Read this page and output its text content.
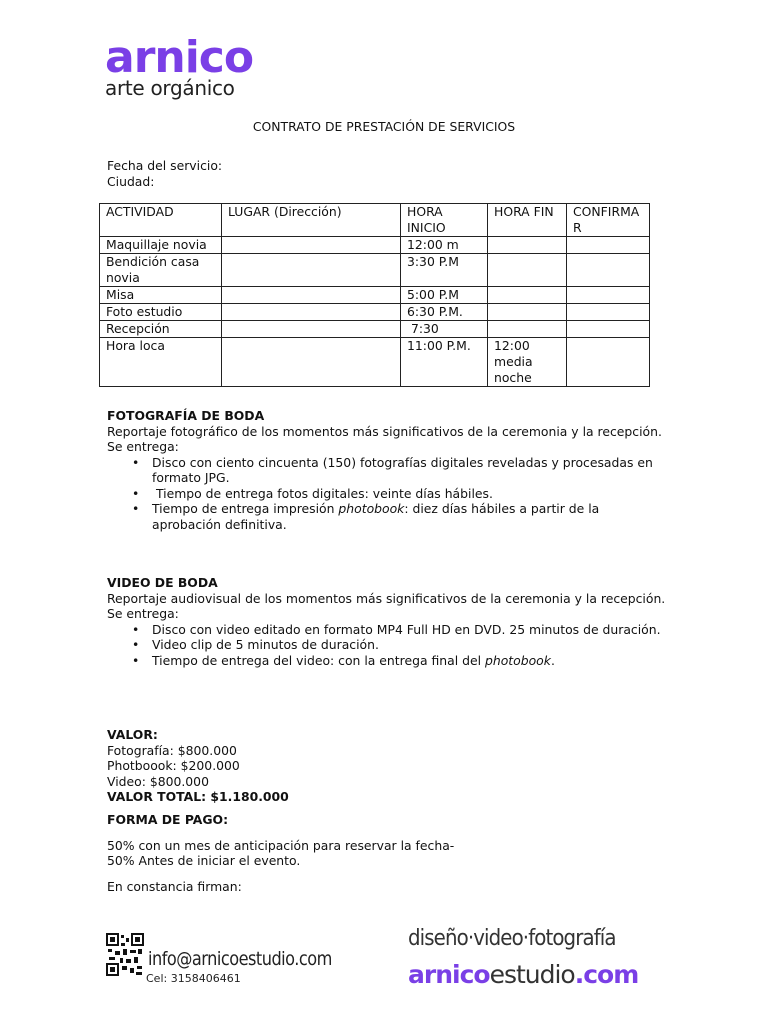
arnico
arte orgánico
CONTRATO DE PRESTACIÓN DE SERVICIOS
Fecha del servicio:
Ciudad:
ACTIVIDAD	LUGAR (Dirección)	HORA INICIO	HORA FIN	CONFIRMAR
Maquillaje novia		12:00 m		
Bendición casa novia		3:30 P.M		
Misa		5:00 P.M		
Foto estudio		6:30 P.M.		
Recepción		7:30		
Hora loca		11:00 P.M.	12:00 media noche	
FOTOGRAFÍA DE BODA
Reportaje fotográfico de los momentos más significativos de la ceremonia y la recepción.
Se entrega:
• Disco con ciento cincuenta (150) fotografías digitales reveladas y procesadas en formato JPG.
•  Tiempo de entrega fotos digitales: veinte días hábiles.
• Tiempo de entrega impresión photobook: diez días hábiles a partir de la aprobación definitiva.
VIDEO DE BODA
Reportaje audiovisual de los momentos más significativos de la ceremonia y la recepción.
Se entrega:
• Disco con video editado en formato MP4 Full HD en DVD. 25 minutos de duración.
• Video clip de 5 minutos de duración.
• Tiempo de entrega del video: con la entrega final del photobook.
VALOR:
Fotografía: $800.000
Photboook: $200.000
Video: $800.000
VALOR TOTAL: $1.180.000
FORMA DE PAGO:
50% con un mes de anticipación para reservar la fecha-
50% Antes de iniciar el evento.
En constancia firman:
info@arnicoestudio.com
Cel: 3158406461
diseño·video·fotografía
arnicoestudio.com
